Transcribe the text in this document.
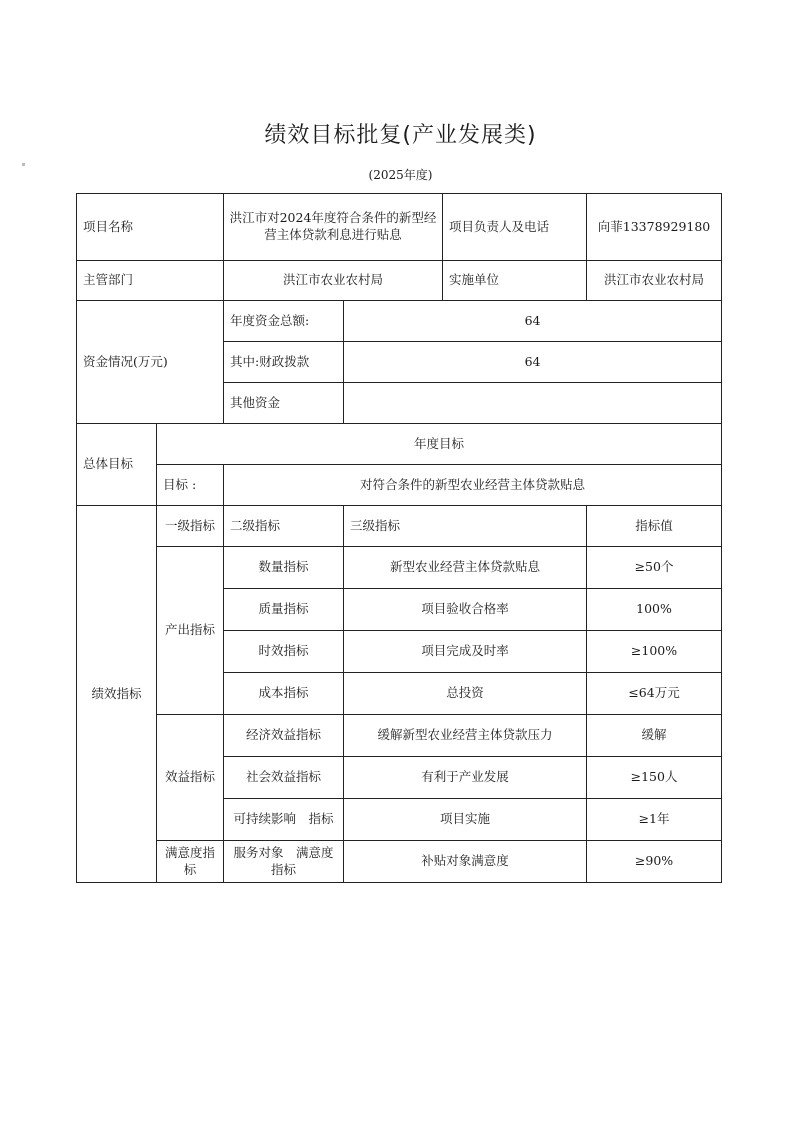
绩效目标批复(产业发展类)
(2025年度)
项目名称		洪江市对2024年度符合条件的新型经营主体贷款利息进行贴息		项目负责人及电话	向菲13378929180
主管部门		洪江市农业农村局		实施单位	洪江市农业农村局
资金情况(万元)		年度资金总额:	64		
		其中:财政拨款	64		
		其他资金			
总体目标	年度目标				
	目标 :	对符合条件的新型农业经营主体贷款贴息			
绩效指标	一级指标	二级指标	三级指标		指标值
	产出指标	数量指标	新型农业经营主体贷款贴息		≥50个
		质量指标	项目验收合格率		100%
		时效指标	项目完成及时率		≥100%
		成本指标	总投资		≤64万元
	效益指标	经济效益指标	缓解新型农业经营主体贷款压力		缓解
		社会效益指标	有利于产业发展		≥150人
		可持续影响　指标	项目实施		≥1年
	满意度指标	服务对象　满意度指标	补贴对象满意度		≥90%
